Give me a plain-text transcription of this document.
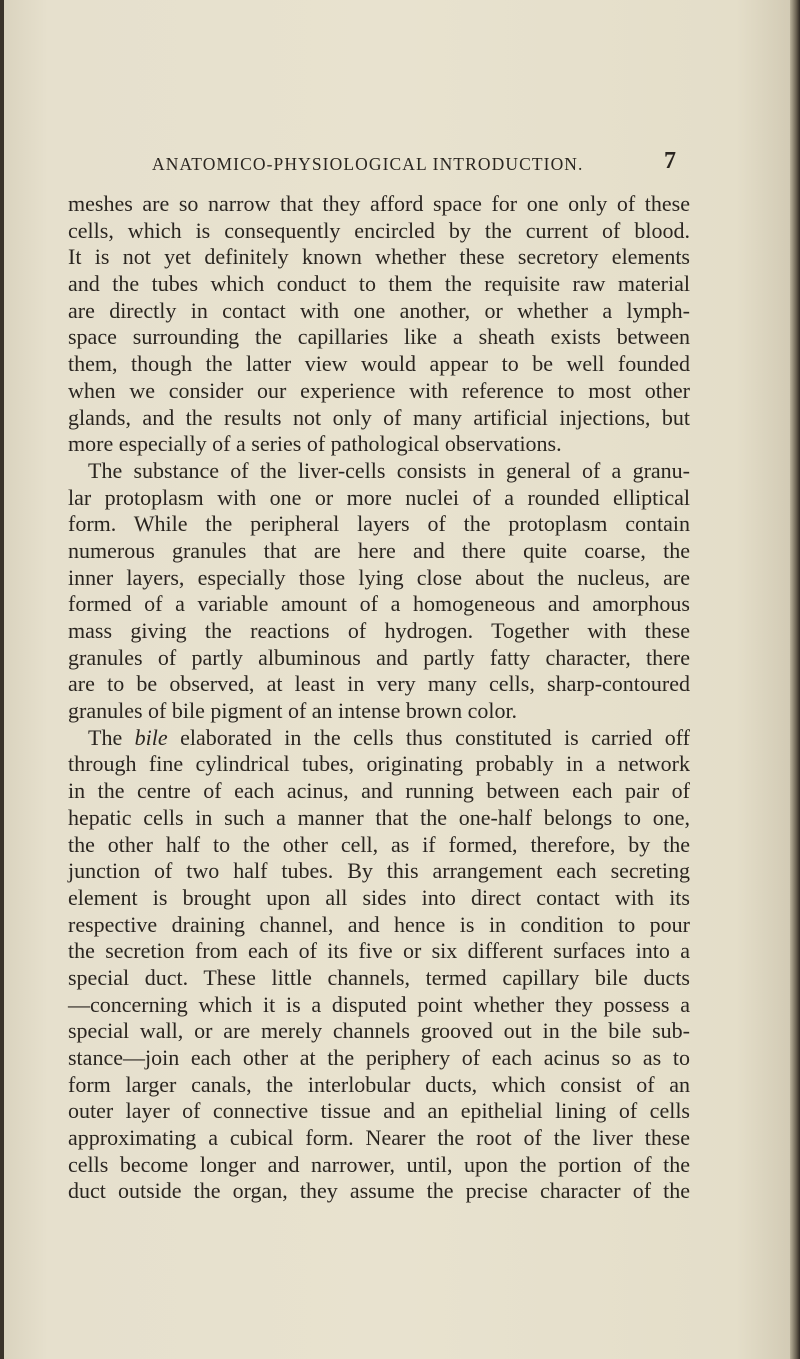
ANATOMICO-PHYSIOLOGICAL INTRODUCTION.	7
meshes are so narrow that they afford space for one only of these
cells, which is consequently encircled by the current of blood.
It is not yet definitely known whether these secretory elements
and the tubes which conduct to them the requisite raw material
are directly in contact with one another, or whether a lymph-
space surrounding the capillaries like a sheath exists between
them, though the latter view would appear to be well founded
when we consider our experience with reference to most other
glands, and the results not only of many artificial injections, but
more especially of a series of pathological observations.
The substance of the liver-cells consists in general of a granu-
lar protoplasm with one or more nuclei of a rounded elliptical
form. While the peripheral layers of the protoplasm contain
numerous granules that are here and there quite coarse, the
inner layers, especially those lying close about the nucleus, are
formed of a variable amount of a homogeneous and amorphous
mass giving the reactions of hydrogen. Together with these
granules of partly albuminous and partly fatty character, there
are to be observed, at least in very many cells, sharp-contoured
granules of bile pigment of an intense brown color.
The bile elaborated in the cells thus constituted is carried off
through fine cylindrical tubes, originating probably in a network
in the centre of each acinus, and running between each pair of
hepatic cells in such a manner that the one-half belongs to one,
the other half to the other cell, as if formed, therefore, by the
junction of two half tubes. By this arrangement each secreting
element is brought upon all sides into direct contact with its
respective draining channel, and hence is in condition to pour
the secretion from each of its five or six different surfaces into a
special duct. These little channels, termed capillary bile ducts
—concerning which it is a disputed point whether they possess a
special wall, or are merely channels grooved out in the bile sub-
stance—join each other at the periphery of each acinus so as to
form larger canals, the interlobular ducts, which consist of an
outer layer of connective tissue and an epithelial lining of cells
approximating a cubical form. Nearer the root of the liver these
cells become longer and narrower, until, upon the portion of the
duct outside the organ, they assume the precise character of the
